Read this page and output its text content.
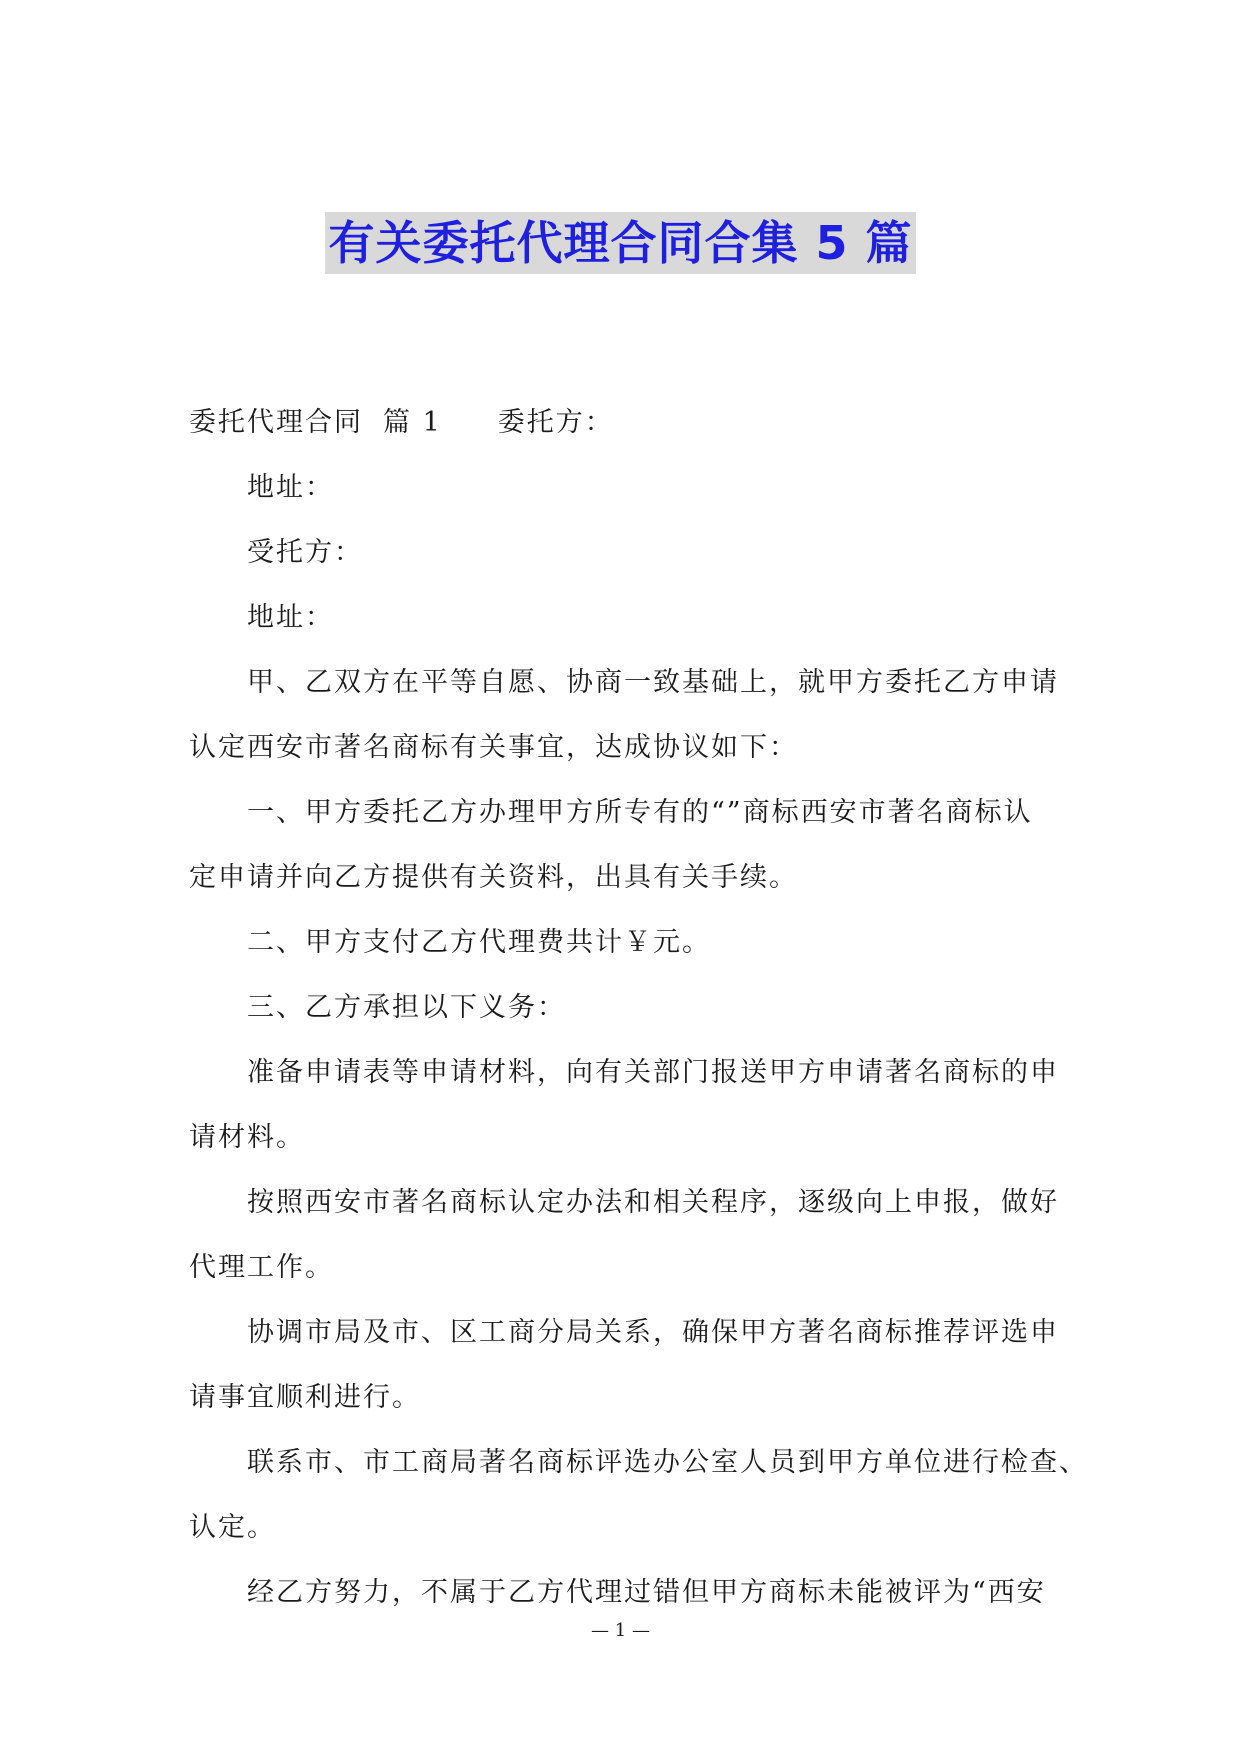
有关委托代理合同合集 5 篇
委托代理合同 篇 1 委托方：
地址：
受托方：
地址：
甲、乙双方在平等自愿、协商一致基础上，就甲方委托乙方申请
认定西安市著名商标有关事宜，达成协议如下：
一、甲方委托乙方办理甲方所专有的“”商标西安市著名商标认
定申请并向乙方提供有关资料，出具有关手续。
二、甲方支付乙方代理费共计￥元。
三、乙方承担以下义务：
准备申请表等申请材料，向有关部门报送甲方申请著名商标的申
请材料。
按照西安市著名商标认定办法和相关程序，逐级向上申报，做好
代理工作。
协调市局及市、区工商分局关系，确保甲方著名商标推荐评选申
请事宜顺利进行。
联系市、市工商局著名商标评选办公室人员到甲方单位进行检查、
认定。
经乙方努力，不属于乙方代理过错但甲方商标未能被评为“西安
— 1 —
